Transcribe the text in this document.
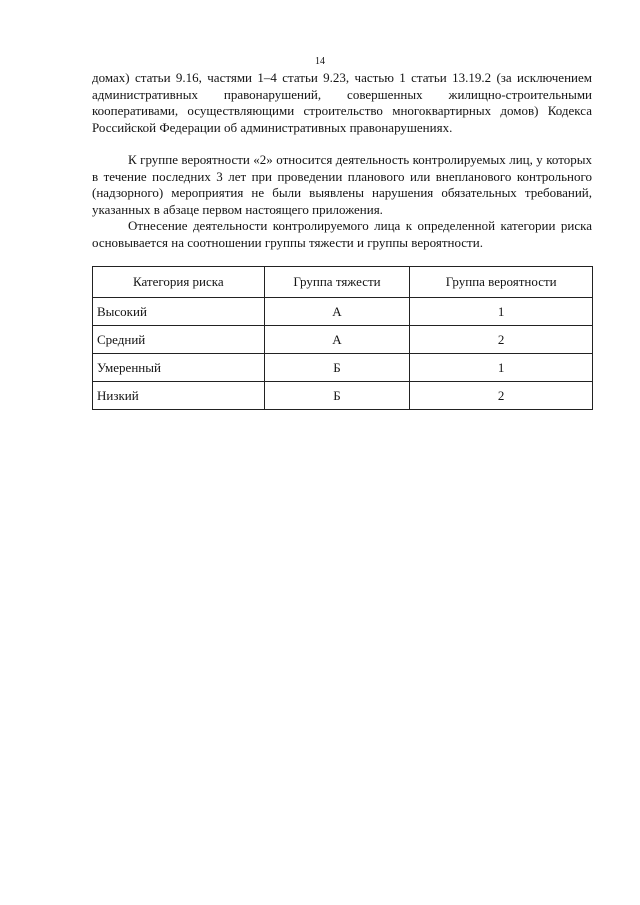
14

домах) статьи 9.16, частями 1–4 статьи 9.23, частью 1 статьи 13.19.2 (за исключением административных правонарушений, совершенных жилищно-строительными кооперативами, осуществляющими строительство многоквартирных домов) Кодекса Российской Федерации об административных правонарушениях.

К группе вероятности «2» относится деятельность контролируемых лиц, у которых в течение последних 3 лет при проведении планового или внепланового контрольного (надзорного) мероприятия не были выявлены нарушения обязательных требований, указанных в абзаце первом настоящего приложения.

Отнесение деятельности контролируемого лица к определенной категории риска основывается на соотношении группы тяжести и группы вероятности.

Категория риска	Группа тяжести	Группа вероятности
Высокий	А	1
Средний	А	2
Умеренный	Б	1
Низкий	Б	2
